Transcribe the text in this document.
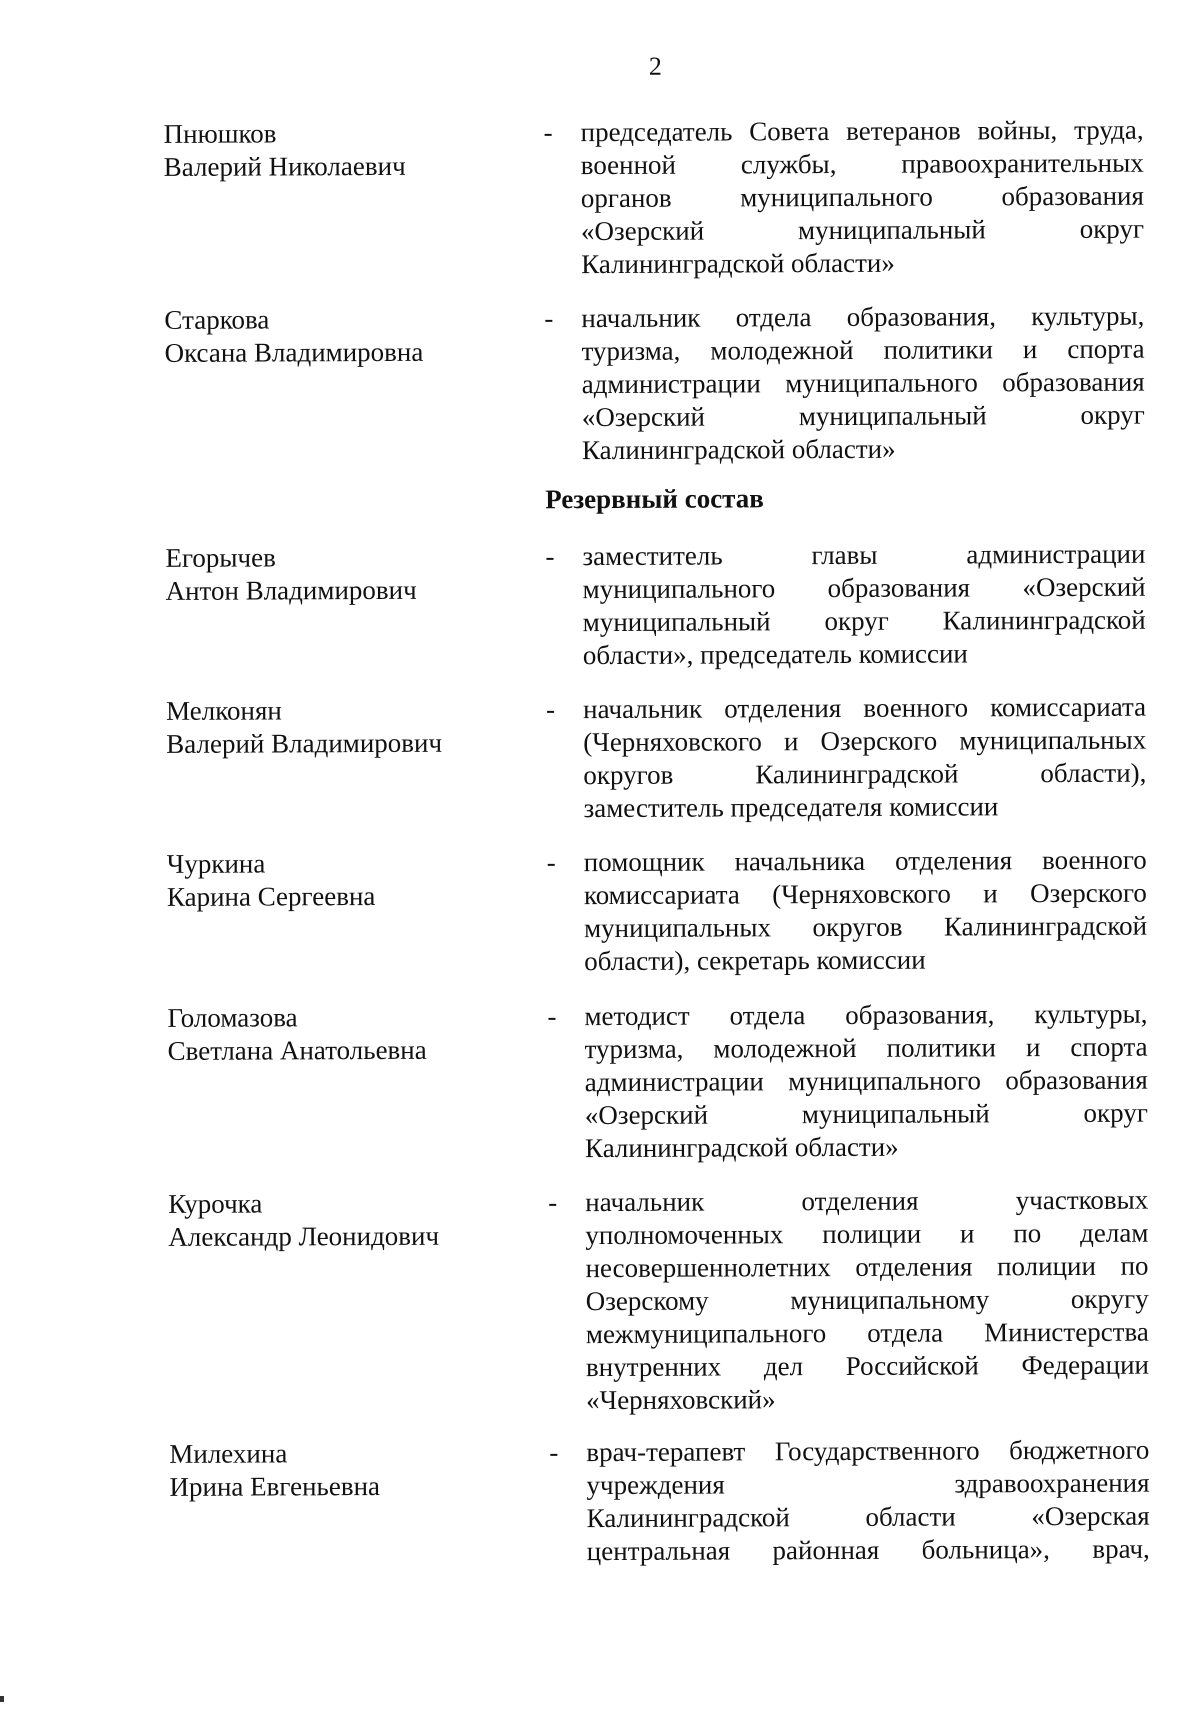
2
Пнюшков
Валерий Николаевич
- председатель Совета ветеранов войны, труда,
военной службы, правоохранительных
органов муниципального образования
«Озерский муниципальный округ
Калининградской области»
Старкова
Оксана Владимировна
- начальник отдела образования, культуры,
туризма, молодежной политики и спорта
администрации муниципального образования
«Озерский муниципальный округ
Калининградской области»
Резервный состав
Егорычев
Антон Владимирович
- заместитель главы администрации
муниципального образования «Озерский
муниципальный округ Калининградской
области», председатель комиссии
Мелконян
Валерий Владимирович
- начальник отделения военного комиссариата
(Черняховского и Озерского муниципальных
округов Калининградской области),
заместитель председателя комиссии
Чуркина
Карина Сергеевна
- помощник начальника отделения военного
комиссариата (Черняховского и Озерского
муниципальных округов Калининградской
области), секретарь комиссии
Голомазова
Светлана Анатольевна
- методист отдела образования, культуры,
туризма, молодежной политики и спорта
администрации муниципального образования
«Озерский муниципальный округ
Калининградской области»
Курочка
Александр Леонидович
- начальник отделения участковых
уполномоченных полиции и по делам
несовершеннолетних отделения полиции по
Озерскому муниципальному округу
межмуниципального отдела Министерства
внутренних дел Российской Федерации
«Черняховский»
Милехина
Ирина Евгеньевна
- врач-терапевт Государственного бюджетного
учреждения здравоохранения
Калининградской области «Озерская
центральная районная больница», врач,
